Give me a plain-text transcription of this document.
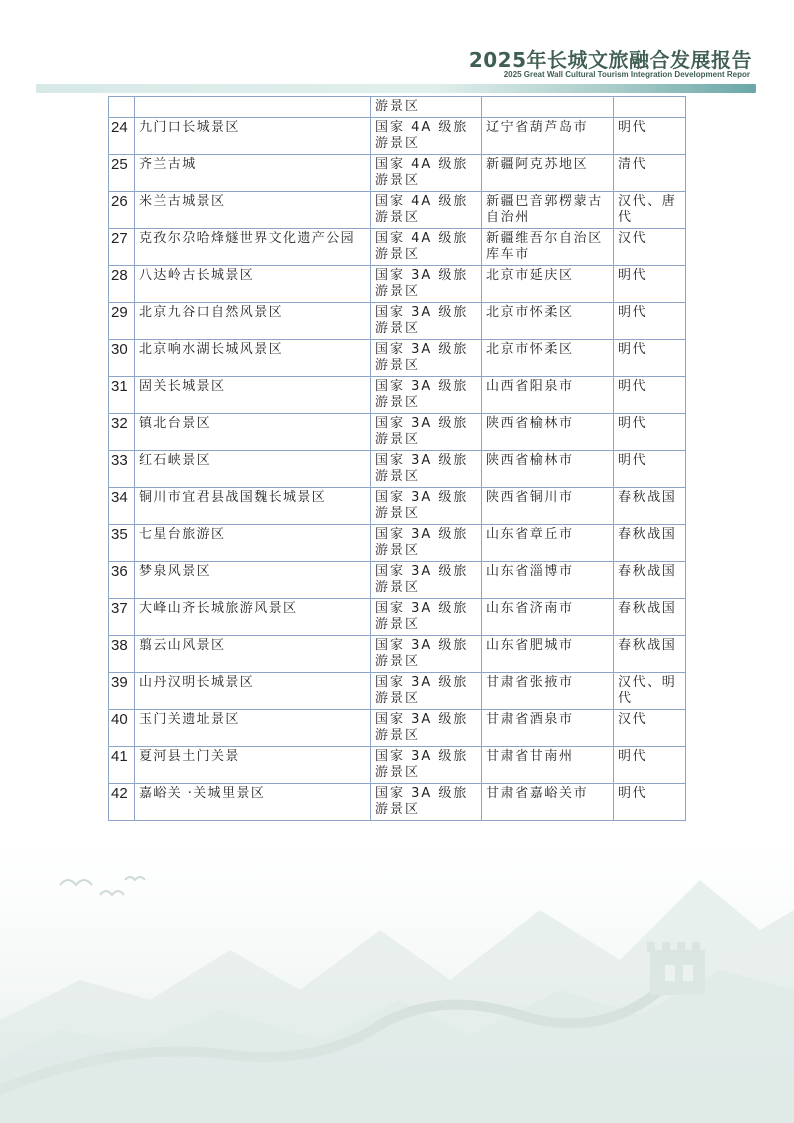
2025年长城文旅融合发展报告
2025 Great Wall Cultural Tourism Integration Development Repor
		游景区		
24	九门口长城景区	国家 4A 级旅
游景区	辽宁省葫芦岛市	明代
25	齐兰古城	国家 4A 级旅
游景区	新疆阿克苏地区	清代
26	米兰古城景区	国家 4A 级旅
游景区	新疆巴音郭楞蒙古自治州	汉代、唐代
27	克孜尔尕哈烽燧世界文化遗产公园	国家 4A 级旅
游景区	新疆维吾尔自治区库车市	汉代
28	八达岭古长城景区	国家 3A 级旅
游景区	北京市延庆区	明代
29	北京九谷口自然风景区	国家 3A 级旅
游景区	北京市怀柔区	明代
30	北京响水湖长城风景区	国家 3A 级旅
游景区	北京市怀柔区	明代
31	固关长城景区	国家 3A 级旅
游景区	山西省阳泉市	明代
32	镇北台景区	国家 3A 级旅
游景区	陕西省榆林市	明代
33	红石峡景区	国家 3A 级旅
游景区	陕西省榆林市	明代
34	铜川市宜君县战国魏长城景区	国家 3A 级旅
游景区	陕西省铜川市	春秋战国
35	七星台旅游区	国家 3A 级旅
游景区	山东省章丘市	春秋战国
36	梦泉风景区	国家 3A 级旅
游景区	山东省淄博市	春秋战国
37	大峰山齐长城旅游风景区	国家 3A 级旅
游景区	山东省济南市	春秋战国
38	翦云山风景区	国家 3A 级旅
游景区	山东省肥城市	春秋战国
39	山丹汉明长城景区	国家 3A 级旅
游景区	甘肃省张掖市	汉代、明代
40	玉门关遗址景区	国家 3A 级旅
游景区	甘肃省酒泉市	汉代
41	夏河县土门关景	国家 3A 级旅
游景区	甘肃省甘南州	明代
42	嘉峪关 ·关城里景区	国家 3A 级旅
游景区	甘肃省嘉峪关市	明代
